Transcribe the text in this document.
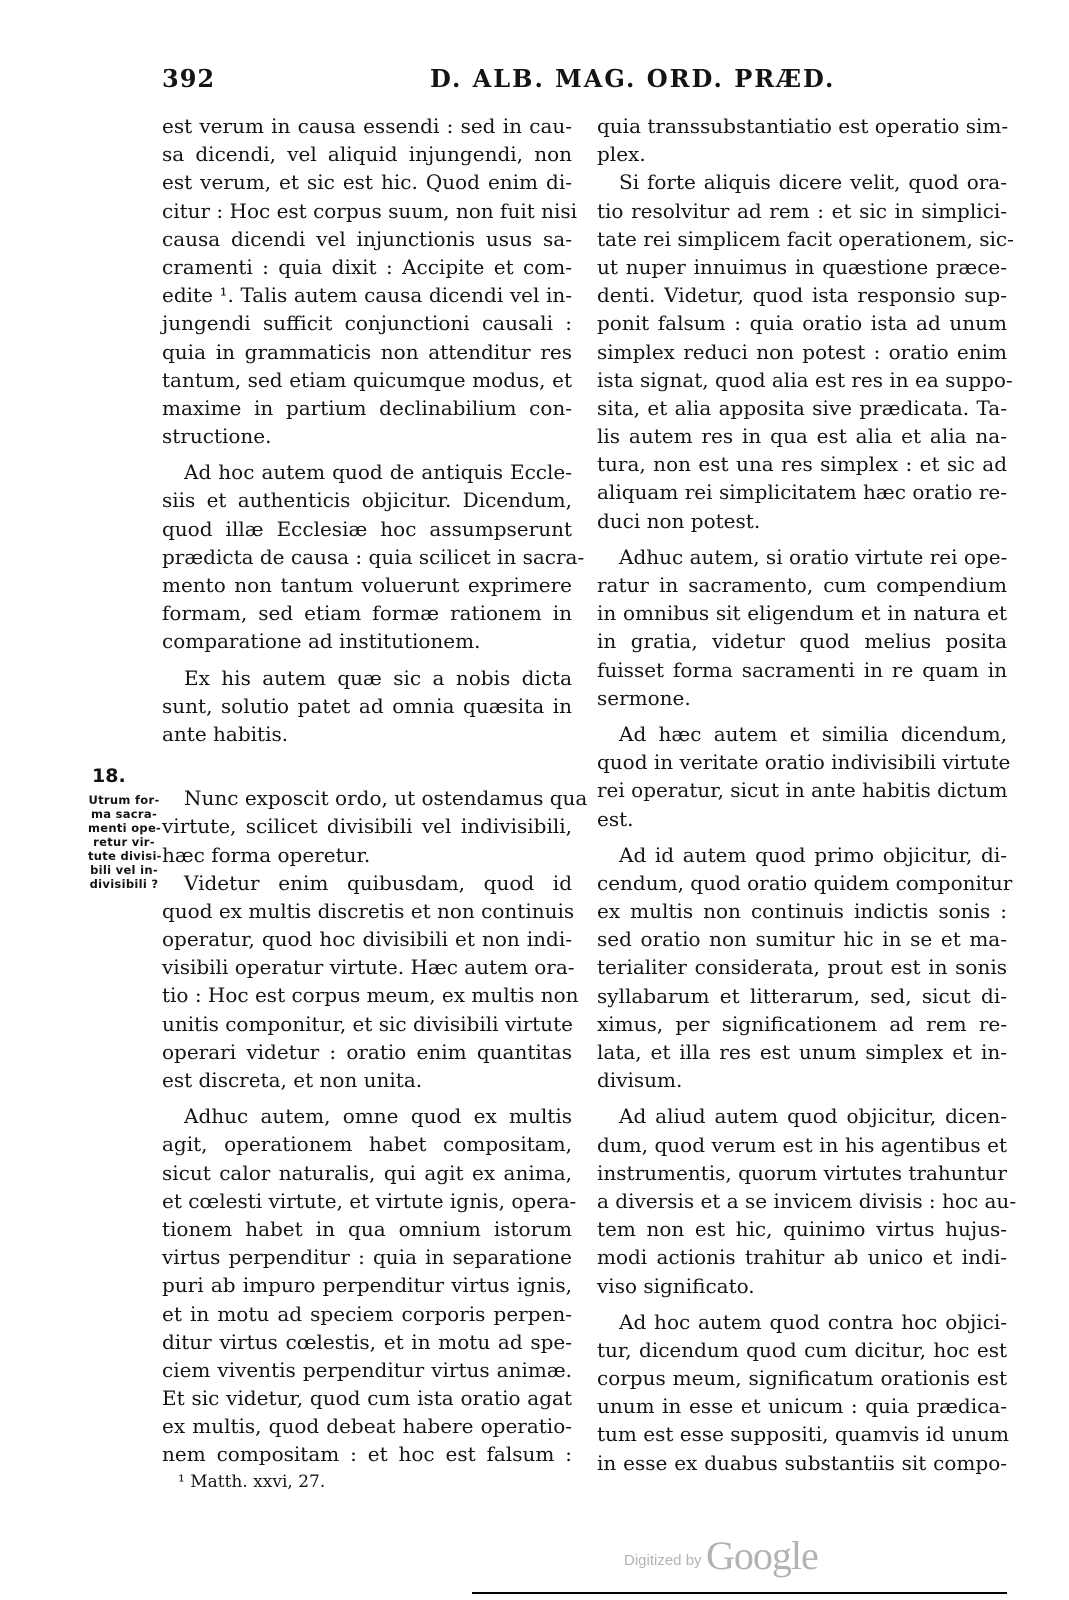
392	D. ALB. MAG. ORD. PRÆD.
est verum in causa essendi : sed in cau-
sa dicendi, vel aliquid injungendi, non
est verum, et sic est hic. Quod enim di-
citur : Hoc est corpus suum, non fuit nisi
causa dicendi vel injunctionis usus sa-
cramenti : quia dixit : Accipite et com-
edite ¹. Talis autem causa dicendi vel in-
jungendi sufficit conjunctioni causali :
quia in grammaticis non attenditur res
tantum, sed etiam quicumque modus, et
maxime in partium declinabilium con-
structione.
Ad hoc autem quod de antiquis Eccle-
siis et authenticis objicitur. Dicendum,
quod illæ Ecclesiæ hoc assumpserunt
prædicta de causa : quia scilicet in sacra-
mento non tantum voluerunt exprimere
formam, sed etiam formæ rationem in
comparatione ad institutionem.
Ex his autem quæ sic a nobis dicta
sunt, solutio patet ad omnia quæsita in
ante habitis.
Nunc exposcit ordo, ut ostendamus qua
virtute, scilicet divisibili vel indivisibili,
hæc forma operetur.
Videtur enim quibusdam, quod id
quod ex multis discretis et non continuis
operatur, quod hoc divisibili et non indi-
visibili operatur virtute. Hæc autem ora-
tio : Hoc est corpus meum, ex multis non
unitis componitur, et sic divisibili virtute
operari videtur : oratio enim quantitas
est discreta, et non unita.
Adhuc autem, omne quod ex multis
agit, operationem habet compositam,
sicut calor naturalis, qui agit ex anima,
et cœlesti virtute, et virtute ignis, opera-
tionem habet in qua omnium istorum
virtus perpenditur : quia in separatione
puri ab impuro perpenditur virtus ignis,
et in motu ad speciem corporis perpen-
ditur virtus cœlestis, et in motu ad spe-
ciem viventis perpenditur virtus animæ.
Et sic videtur, quod cum ista oratio agat
ex multis, quod debeat habere operatio-
nem compositam : et hoc est falsum :
quia transsubstantiatio est operatio sim-
plex.
Si forte aliquis dicere velit, quod ora-
tio resolvitur ad rem : et sic in simplici-
tate rei simplicem facit operationem, sic-
ut nuper innuimus in quæstione præce-
denti. Videtur, quod ista responsio sup-
ponit falsum : quia oratio ista ad unum
simplex reduci non potest : oratio enim
ista signat, quod alia est res in ea suppo-
sita, et alia apposita sive prædicata. Ta-
lis autem res in qua est alia et alia na-
tura, non est una res simplex : et sic ad
aliquam rei simplicitatem hæc oratio re-
duci non potest.
Adhuc autem, si oratio virtute rei ope-
ratur in sacramento, cum compendium
in omnibus sit eligendum et in natura et
in gratia, videtur quod melius posita
fuisset forma sacramenti in re quam in
sermone.
Ad hæc autem et similia dicendum,
quod in veritate oratio indivisibili virtute
rei operatur, sicut in ante habitis dictum
est.
Ad id autem quod primo objicitur, di-
cendum, quod oratio quidem componitur
ex multis non continuis indictis sonis :
sed oratio non sumitur hic in se et ma-
terialiter considerata, prout est in sonis
syllabarum et litterarum, sed, sicut di-
ximus, per significationem ad rem re-
lata, et illa res est unum simplex et in-
divisum.
Ad aliud autem quod objicitur, dicen-
dum, quod verum est in his agentibus et
instrumentis, quorum virtutes trahuntur
a diversis et a se invicem divisis : hoc au-
tem non est hic, quinimo virtus hujus-
modi actionis trahitur ab unico et indi-
viso significato.
Ad hoc autem quod contra hoc objici-
tur, dicendum quod cum dicitur, hoc est
corpus meum, significatum orationis est
unum in esse et unicum : quia prædica-
tum est esse suppositi, quamvis id unum
in esse ex duabus substantiis sit compo-
18.
Utrum for-
ma sacra-
menti ope-
retur vir-
tute divisi-
bili vel in-
divisibili ?
¹ Matth. xxvi, 27.
Digitized by Google
